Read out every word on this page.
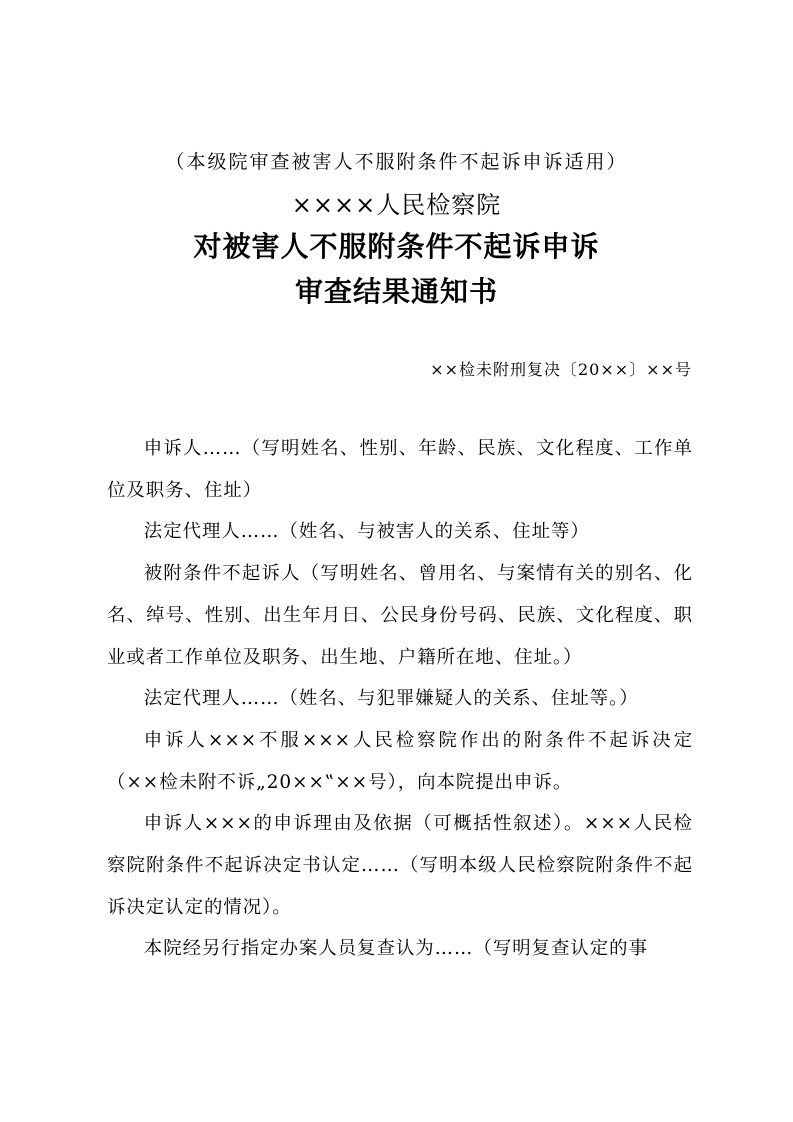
（本级院审查被害人不服附条件不起诉申诉适用）
××××人民检察院
对被害人不服附条件不起诉申诉
审查结果通知书
××检未附刑复决〔20××〕××号

申诉人……（写明姓名、性别、年龄、民族、文化程度、工作单位及职务、住址）

法定代理人……（姓名、与被害人的关系、住址等）

被附条件不起诉人（写明姓名、曾用名、与案情有关的别名、化名、绰号、性别、出生年月日、公民身份号码、民族、文化程度、职业或者工作单位及职务、出生地、户籍所在地、住址。）

法定代理人……（姓名、与犯罪嫌疑人的关系、住址等。）

申诉人×××不服×××人民检察院作出的附条件不起诉决定（××检未附不诉„20××‟××号），向本院提出申诉。

申诉人×××的申诉理由及依据（可概括性叙述）。×××人民检察院附条件不起诉决定书认定……（写明本级人民检察院附条件不起诉决定认定的情况）。

本院经另行指定办案人员复查认为……（写明复查认定的事
